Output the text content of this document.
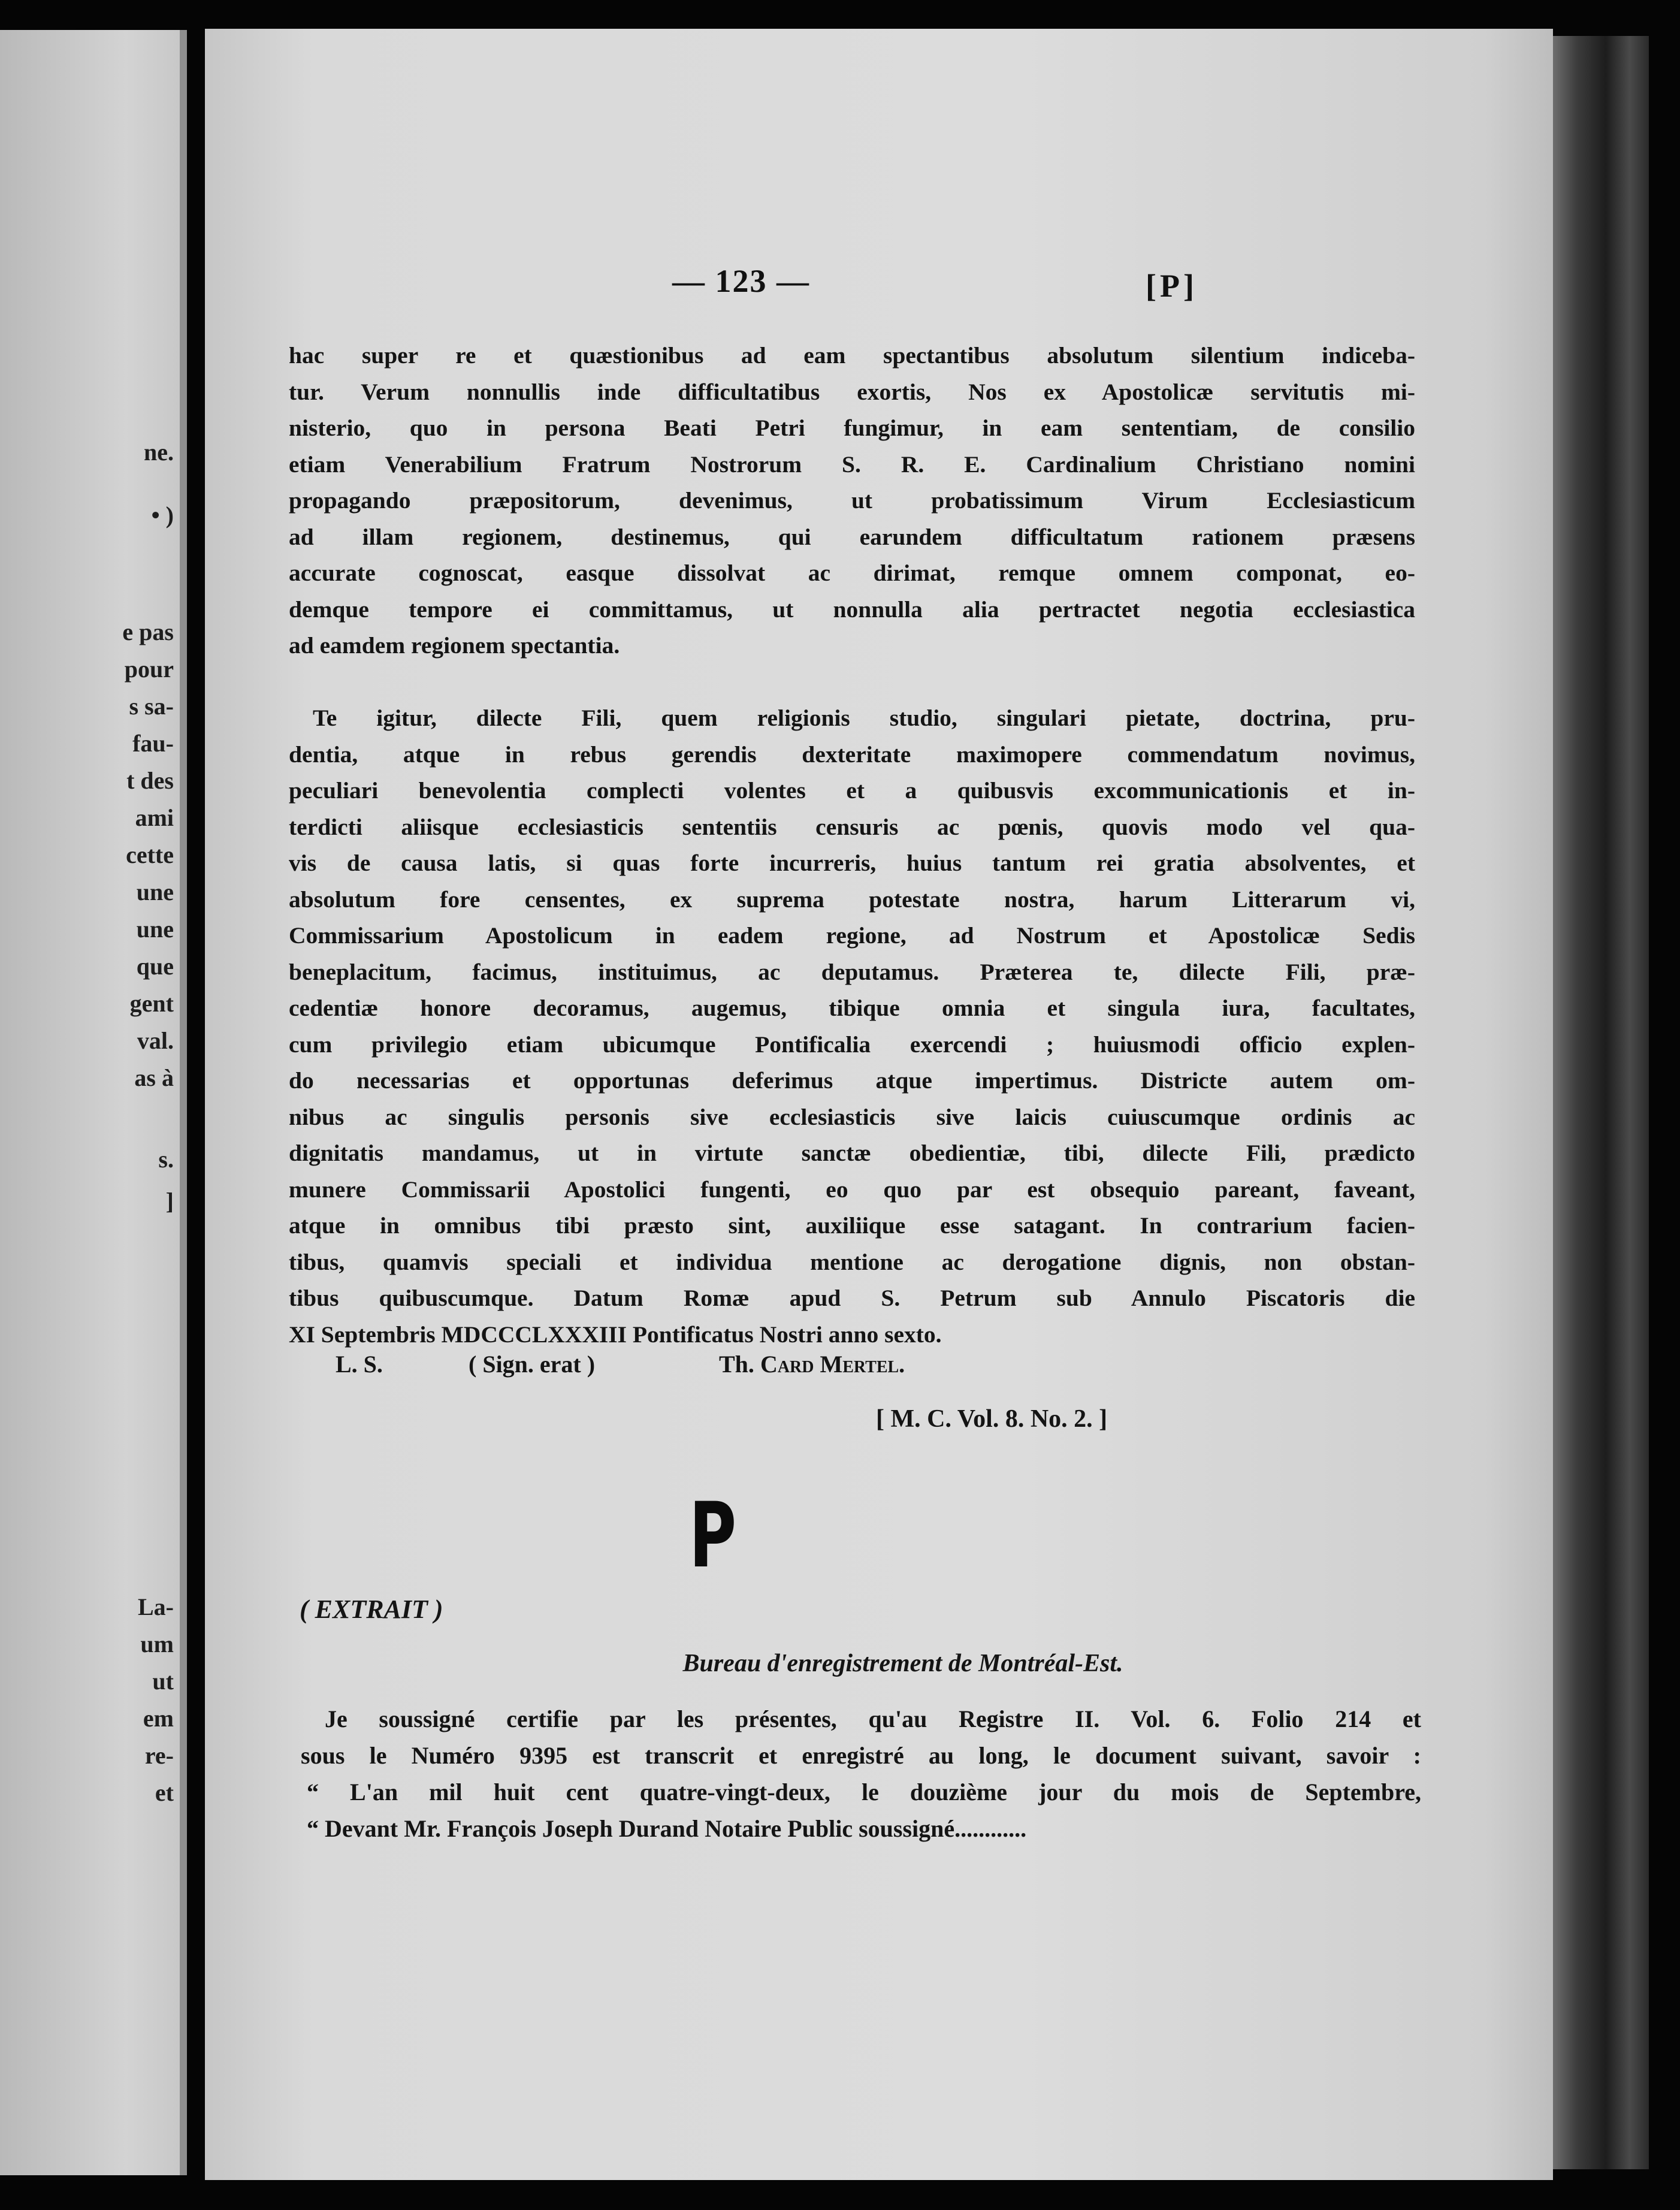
ne.
• )
e pas
pour
s sa-
fau-
t des
ami
cette
une
une
que
gent
val.
as à
s.
]
La-
um
ut
em
re-
et
— 123 —	[P]

hac super re et quæstionibus ad eam spectantibus absolutum silentium indiceba-
tur. Verum nonnullis inde difficultatibus exortis, Nos ex Apostolicæ servitutis mi-
nisterio, quo in persona Beati Petri fungimur, in eam sententiam, de consilio
etiam Venerabilium Fratrum Nostrorum S. R. E. Cardinalium Christiano nomini
propagando præpositorum, devenimus, ut probatissimum Virum Ecclesiasticum
ad illam regionem, destinemus, qui earundem difficultatum rationem præsens
accurate cognoscat, easque dissolvat ac dirimat, remque omnem componat, eo-
demque tempore ei committamus, ut nonnulla alia pertractet negotia ecclesiastica
ad eamdem regionem spectantia.

Te igitur, dilecte Fili, quem religionis studio, singulari pietate, doctrina, pru-
dentia, atque in rebus gerendis dexteritate maximopere commendatum novimus,
peculiari benevolentia complecti volentes et a quibusvis excommunicationis et in-
terdicti aliisque ecclesiasticis sententiis censuris ac pœnis, quovis modo vel qua-
vis de causa latis, si quas forte incurreris, huius tantum rei gratia absolventes, et
absolutum fore censentes, ex suprema potestate nostra, harum Litterarum vi,
Commissarium Apostolicum in eadem regione, ad Nostrum et Apostolicæ Sedis
beneplacitum, facimus, instituimus, ac deputamus. Præterea te, dilecte Fili, præ-
cedentiæ honore decoramus, augemus, tibique omnia et singula iura, facultates,
cum privilegio etiam ubicumque Pontificalia exercendi ; huiusmodi officio explen-
do necessarias et opportunas deferimus atque impertimus. Districte autem om-
nibus ac singulis personis sive ecclesiasticis sive laicis cuiuscumque ordinis ac
dignitatis mandamus, ut in virtute sanctæ obedientiæ, tibi, dilecte Fili, prædicto
munere Commissarii Apostolici fungenti, eo quo par est obsequio pareant, faveant,
atque in omnibus tibi præsto sint, auxiliique esse satagant. In contrarium facien-
tibus, quamvis speciali et individua mentione ac derogatione dignis, non obstan-
tibus quibuscumque. Datum Romæ apud S. Petrum sub Annulo Piscatoris die
XI Septembris MDCCCLXXXIII Pontificatus Nostri anno sexto.

L. S.	( Sign. erat )	Th. Card Mertel.
[ M. C. Vol. 8. No. 2. ]
P
( EXTRAIT )
Bureau d'enregistrement de Montréal-Est.

Je soussigné certifie par les présentes, qu'au Registre II. Vol. 6. Folio 214 et

sous le Numéro 9395 est transcrit et enregistré au long, le document suivant, savoir :

“ L'an mil huit cent quatre-vingt-deux, le douzième jour du mois de Septembre,

“ Devant Mr. François Joseph Durand Notaire Public soussigné............
